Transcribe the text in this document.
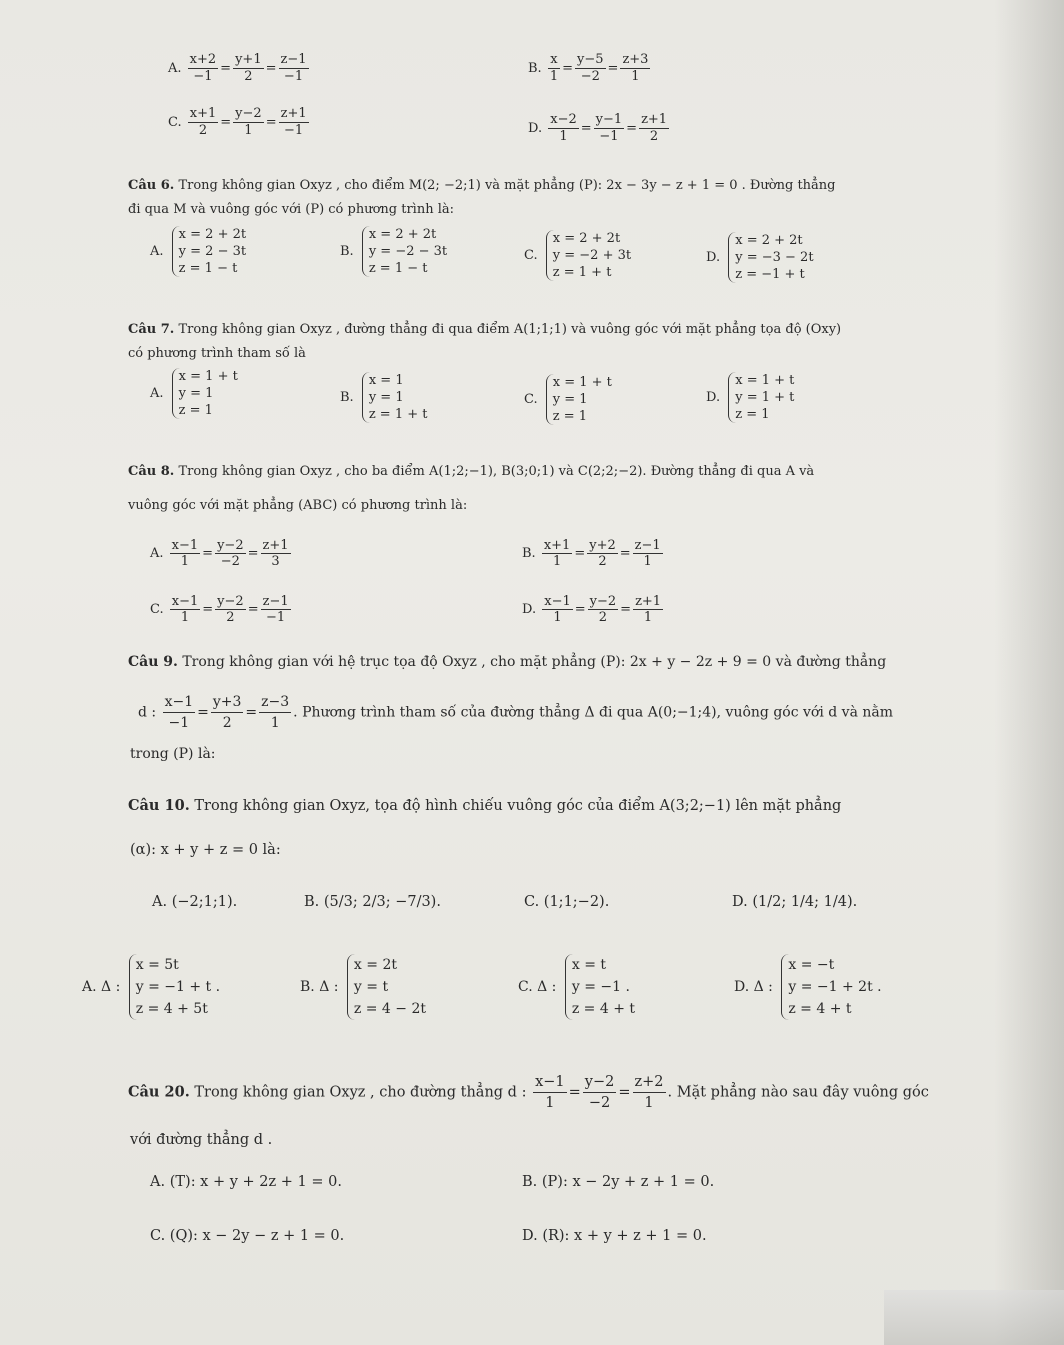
A. $\frac{x+2}{-1} = \frac{y+1}{2} = \frac{z-1}{-1}$	B. $\frac{x}{1} = \frac{y-5}{-2} = \frac{z+3}{1}$
C. $\frac{x+1}{2} = \frac{y-2}{1} = \frac{z+1}{-1}$	D. $\frac{x-2}{1} = \frac{y-1}{-1} = \frac{z+1}{2}$
Câu 6. Trong không gian Oxyz , cho điểm M(2; −2;1) và mặt phẳng (P): 2x − 3y − z + 1 = 0 . Đường thẳng
đi qua M và vuông góc với (P) có phương trình là:
A. x = 2 + 2t
y = 2 − 3t
z = 1 − t
B. x = 2 + 2t
y = −2 − 3t
z = 1 − t
C. x = 2 + 2t
y = −2 + 3t
z = 1 + t
D. x = 2 + 2t
y = −3 − 2t
z = −1 + t
Câu 7. Trong không gian Oxyz , đường thẳng đi qua điểm A(1;1;1) và vuông góc với mặt phẳng tọa độ (Oxy)
có phương trình tham số là
A. x = 1 + t
y = 1
z = 1
B. x = 1
y = 1
z = 1 + t
C. x = 1 + t
y = 1
z = 1
D. x = 1 + t
y = 1 + t
z = 1
Câu 8. Trong không gian Oxyz , cho ba điểm A(1;2;−1), B(3;0;1) và C(2;2;−2). Đường thẳng đi qua A và
vuông góc với mặt phẳng (ABC) có phương trình là:
A. $\frac{x-1}{1} = \frac{y-2}{-2} = \frac{z+1}{3}$	B. $\frac{x+1}{1} = \frac{y+2}{2} = \frac{z-1}{1}$
C. $\frac{x-1}{1} = \frac{y-2}{2} = \frac{z-1}{-1}$	D. $\frac{x-1}{1} = \frac{y-2}{2} = \frac{z+1}{1}$
Câu 9. Trong không gian với hệ trục tọa độ Oxyz , cho mặt phẳng (P): 2x + y − 2z + 9 = 0 và đường thẳng
d : $\frac{x-1}{-1} = \frac{y+3}{2} = \frac{z-3}{1}$ . Phương trình tham số của đường thẳng Δ đi qua A(0;−1;4), vuông góc với d và nằm
trong (P) là:
Câu 10. Trong không gian Oxyz, tọa độ hình chiếu vuông góc của điểm A(3;2;−1) lên mặt phẳng
(α): x + y + z = 0 là:
A. (−2;1;1).	B. (5/3; 2/3; −7/3).	C. (1;1;−2).	D. (1/2; 1/4; 1/4).
A. Δ : x = 5t
y = −1 + t .
z = 4 + 5t
B. Δ : x = 2t
y = t
z = 4 − 2t
C. Δ : x = t
y = −1 .
z = 4 + t
D. Δ : x = −t
y = −1 + 2t .
z = 4 + t
Câu 20. Trong không gian Oxyz , cho đường thẳng d : $\frac{x-1}{1} = \frac{y-2}{-2} = \frac{z+2}{1}$ . Mặt phẳng nào sau đây vuông góc
với đường thẳng d .
A. (T): x + y + 2z + 1 = 0.	B. (P): x − 2y + z + 1 = 0.
C. (Q): x − 2y − z + 1 = 0.	D. (R): x + y + z + 1 = 0.
